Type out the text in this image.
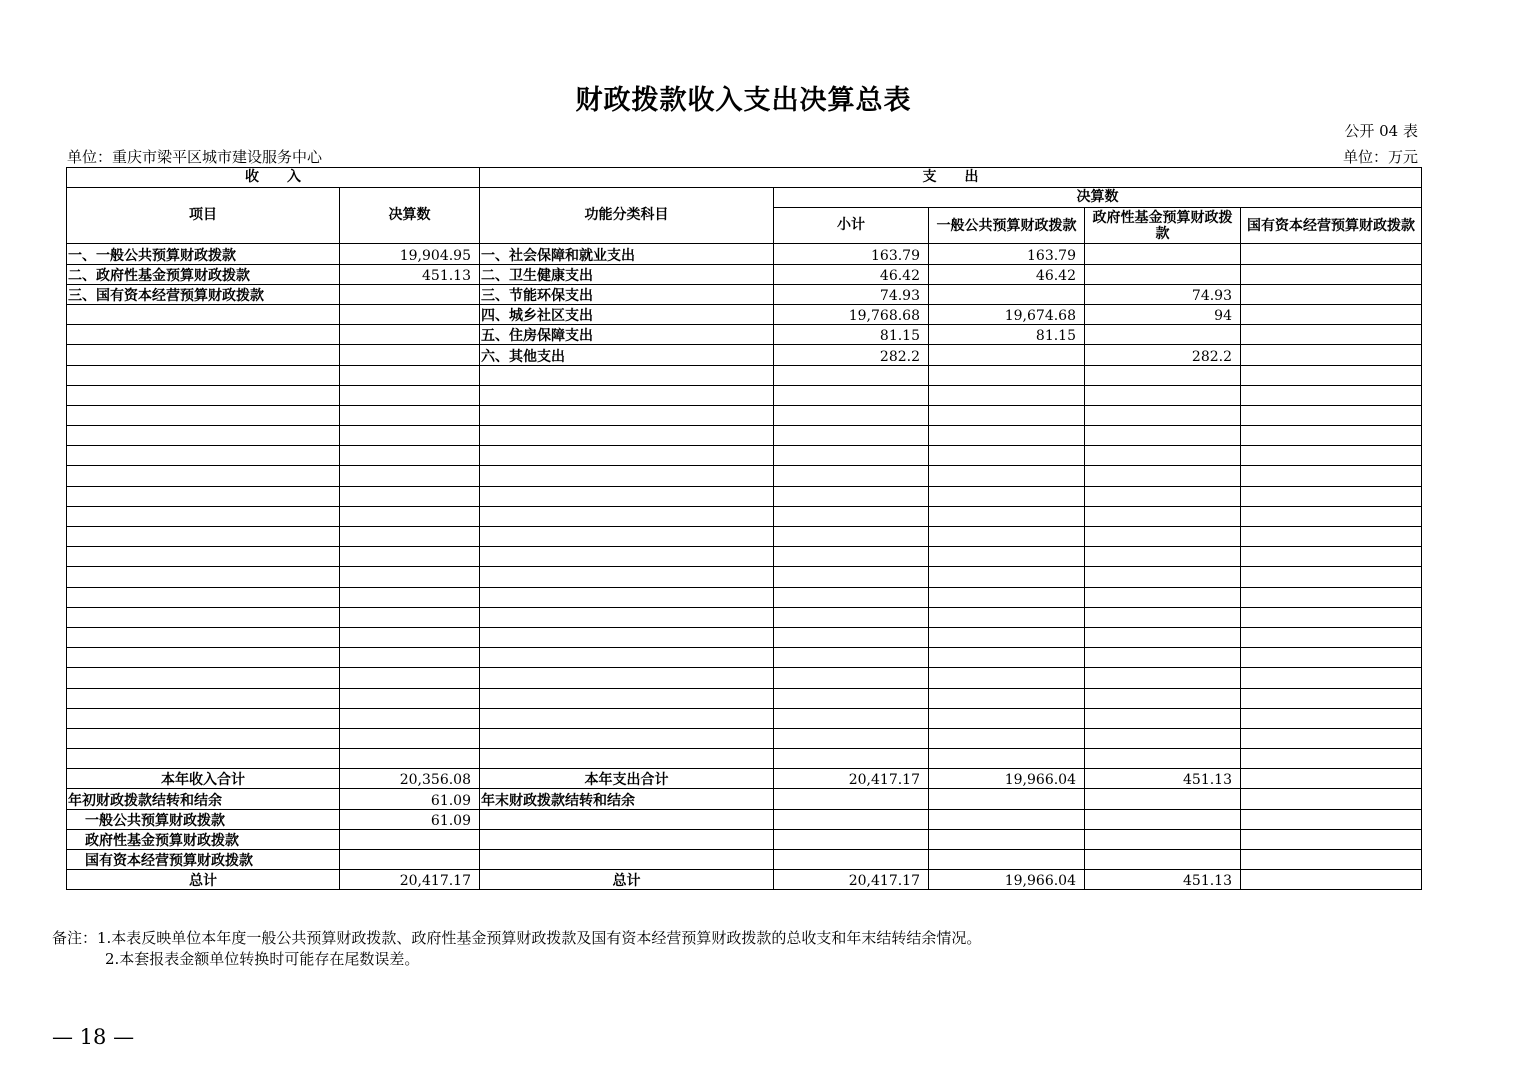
财政拨款收入支出决算总表
公开 04 表
单位：重庆市梁平区城市建设服务中心	单位：万元
收　　入		支　　出				
项目	决算数	功能分类科目	决算数			
			小计	一般公共预算财政拨款	政府性基金预算财政拨款	国有资本经营预算财政拨款
一、一般公共预算财政拨款	19,904.95	一、社会保障和就业支出	163.79	163.79		
二、政府性基金预算财政拨款	451.13	二、卫生健康支出	46.42	46.42		
三、国有资本经营预算财政拨款		三、节能环保支出	74.93		74.93	
		四、城乡社区支出	19,768.68	19,674.68	94	
		五、住房保障支出	81.15	81.15		
		六、其他支出	282.2		282.2	

本年收入合计	20,356.08	本年支出合计	20,417.17	19,966.04	451.13	
年初财政拨款结转和结余	61.09	年末财政拨款结转和结余				
一般公共预算财政拨款	61.09					
政府性基金预算财政拨款						
国有资本经营预算财政拨款						
总计	20,417.17	总计	20,417.17	19,966.04	451.13	
备注：1.本表反映单位本年度一般公共预算财政拨款、政府性基金预算财政拨款及国有资本经营预算财政拨款的总收支和年末结转结余情况。
2.本套报表金额单位转换时可能存在尾数误差。
— 18 —
